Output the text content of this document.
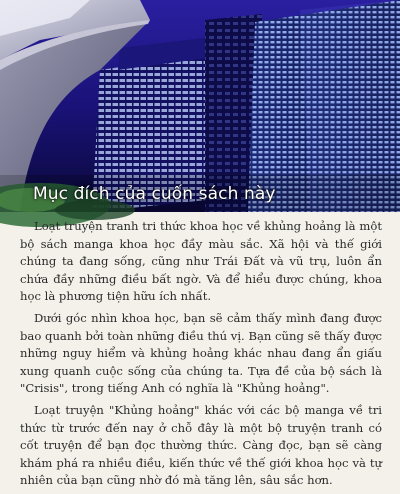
Mục đích của cuốn sách này

Loạt truyện tranh tri thức khoa học về khủng hoảng là một bộ sách manga khoa học đầy màu sắc. Xã hội và thế giới chúng ta đang sống, cũng như Trái Đất và vũ trụ, luôn ẩn chứa đầy những điều bất ngờ. Và để hiểu được chúng, khoa học là phương tiện hữu ích nhất.

Dưới góc nhìn khoa học, bạn sẽ cảm thấy mình đang được bao quanh bởi toàn những điều thú vị. Bạn cũng sẽ thấy được những nguy hiểm và khủng hoảng khác nhau đang ẩn giấu xung quanh cuộc sống của chúng ta. Tựa đề của bộ sách là "Crisis", trong tiếng Anh có nghĩa là "Khủng hoảng".

Loạt truyện "Khủng hoảng" khác với các bộ manga về tri thức từ trước đến nay ở chỗ đây là một bộ truyện tranh có cốt truyện để bạn đọc thường thức. Càng đọc, bạn sẽ càng khám phá ra nhiều điều, kiến thức về thế giới khoa học và tự nhiên của bạn cũng nhờ đó mà tăng lên, sâu sắc hơn.
